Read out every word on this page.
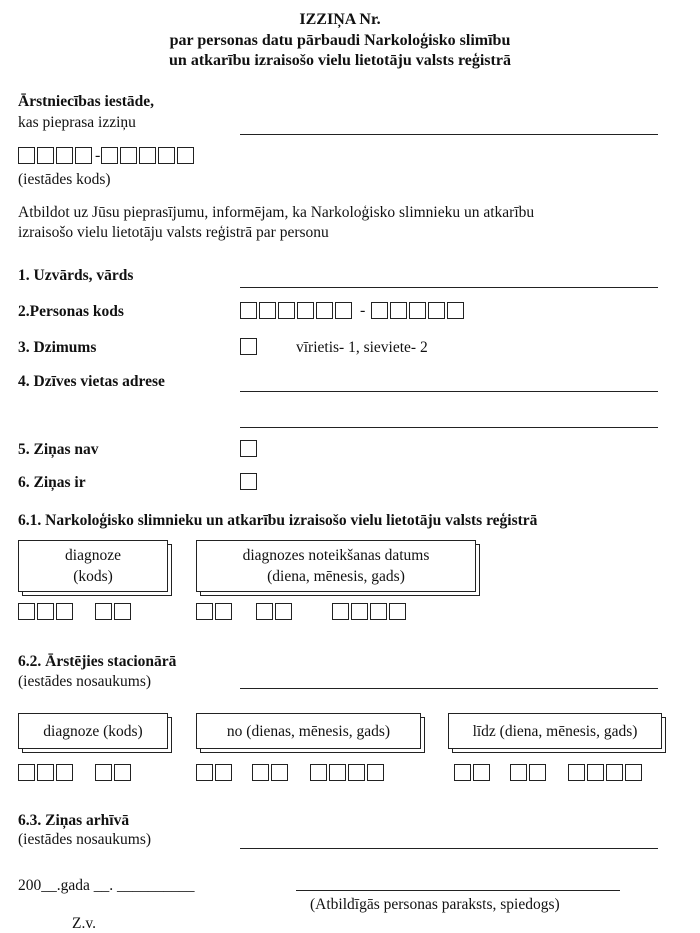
IZZIŅA Nr.
par personas datu pārbaudi Narkoloģisko slimību
un atkarību izraisošo vielu lietotāju valsts reģistrā
Ārstniecības iestāde,
kas pieprasa izziņu
-
(iestādes kods)
Atbildot uz Jūsu pieprasījumu, informējam, ka Narkoloģisko slimnieku un atkarību
izraisošo vielu lietotāju valsts reģistrā par personu
1. Uzvārds, vārds
2.Personas kods	-
3. Dzimums	vīrietis- 1, sieviete- 2
4. Dzīves vietas adrese
5. Ziņas nav
6. Ziņas ir
6.1. Narkoloģisko slimnieku un atkarību izraisošo vielu lietotāju valsts reģistrā
diagnoze
(kods)
diagnozes noteikšanas datums
(diena, mēnesis, gads)
6.2. Ārstējies stacionārā
(iestādes nosaukums)
diagnoze (kods)	no (dienas, mēnesis, gads)	līdz (diena, mēnesis, gads)
6.3. Ziņas arhīvā
(iestādes nosaukums)
200__.gada __. __________
(Atbildīgās personas paraksts, spiedogs)
Z.v.
